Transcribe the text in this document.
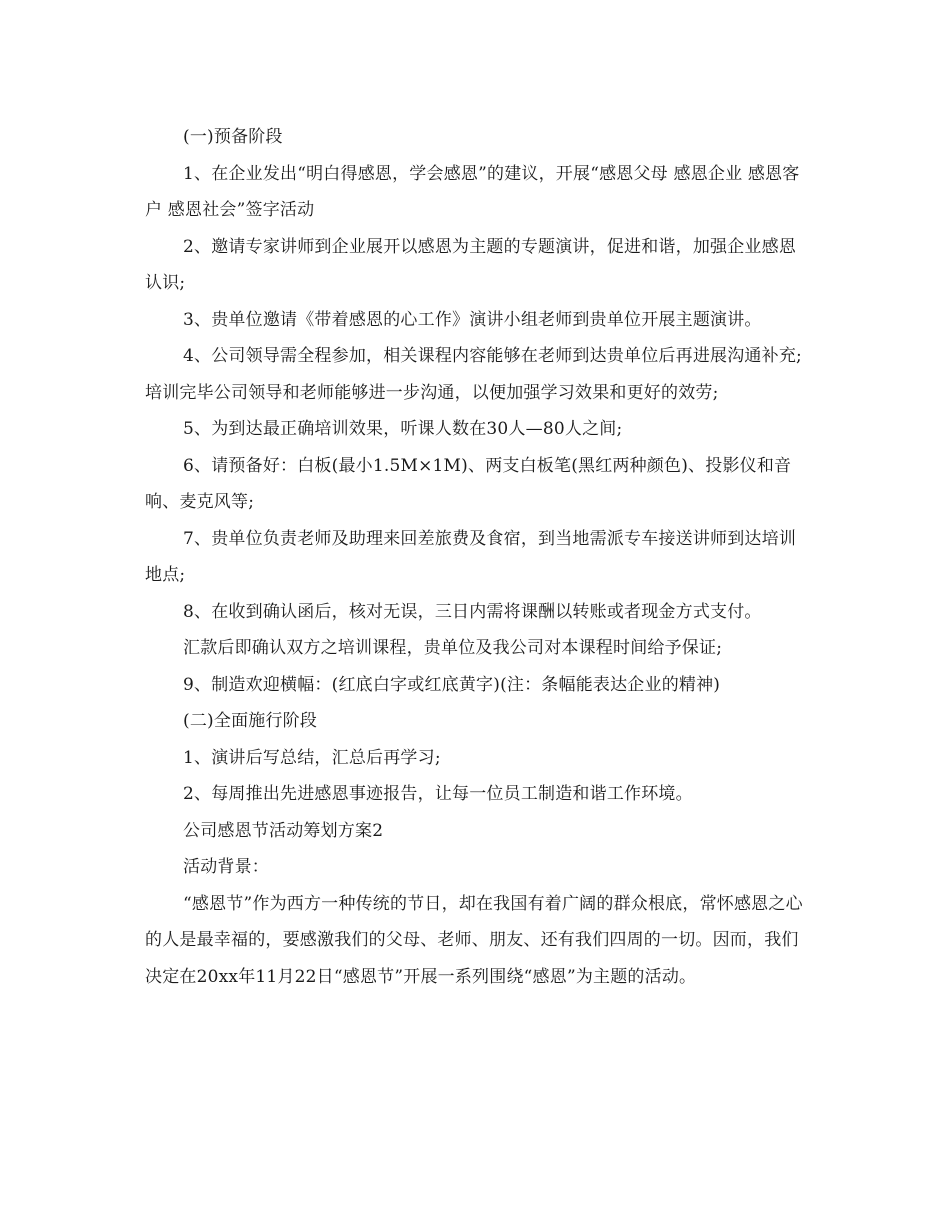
(一)预备阶段

1、在企业发出“明白得感恩，学会感恩”的建议，开展“感恩父母 感恩企业 感恩客户 感恩社会”签字活动

2、邀请专家讲师到企业展开以感恩为主题的专题演讲，促进和谐，加强企业感恩认识;

3、贵单位邀请《带着感恩的心工作》演讲小组老师到贵单位开展主题演讲。

4、公司领导需全程参加，相关课程内容能够在老师到达贵单位后再进展沟通补充;培训完毕公司领导和老师能够进一步沟通，以便加强学习效果和更好的效劳;

5、为到达最正确培训效果，听课人数在30人—80人之间;

6、请预备好：白板(最小1.5M×1M)、两支白板笔(黑红两种颜色)、投影仪和音响、麦克风等;

7、贵单位负责老师及助理来回差旅费及食宿，到当地需派专车接送讲师到达培训地点;

8、在收到确认函后，核对无误，三日内需将课酬以转账或者现金方式支付。

汇款后即确认双方之培训课程，贵单位及我公司对本课程时间给予保证;

9、制造欢迎横幅：(红底白字或红底黄字)(注：条幅能表达企业的精神)

(二)全面施行阶段

1、演讲后写总结，汇总后再学习;

2、每周推出先进感恩事迹报告，让每一位员工制造和谐工作环境。

公司感恩节活动筹划方案2

活动背景：

“感恩节”作为西方一种传统的节日，却在我国有着广阔的群众根底，常怀感恩之心的人是最幸福的，要感激我们的父母、老师、朋友、还有我们四周的一切。因而，我们决定在20xx年11月22日“感恩节”开展一系列围绕“感恩”为主题的活动。
